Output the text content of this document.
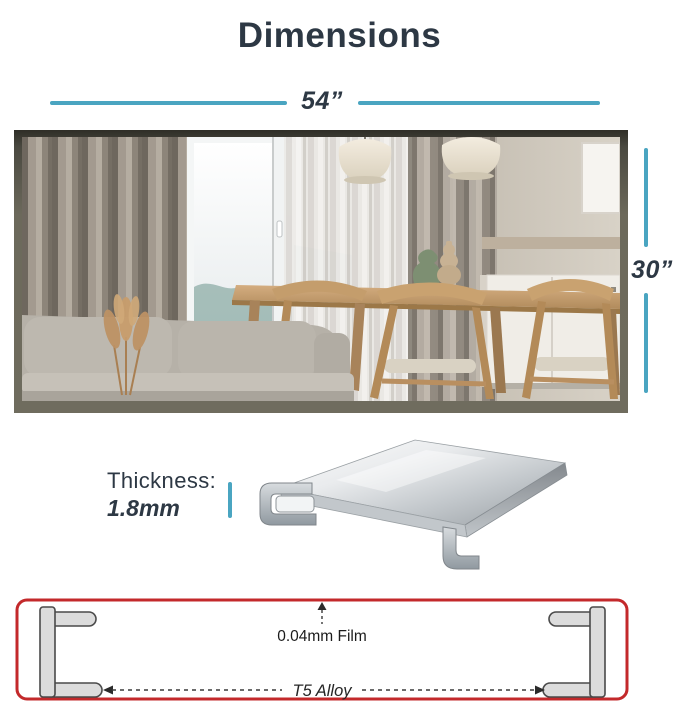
Dimensions
54”
30”
Thickness:
1.8mm
0.04mm Film
T5 Alloy
